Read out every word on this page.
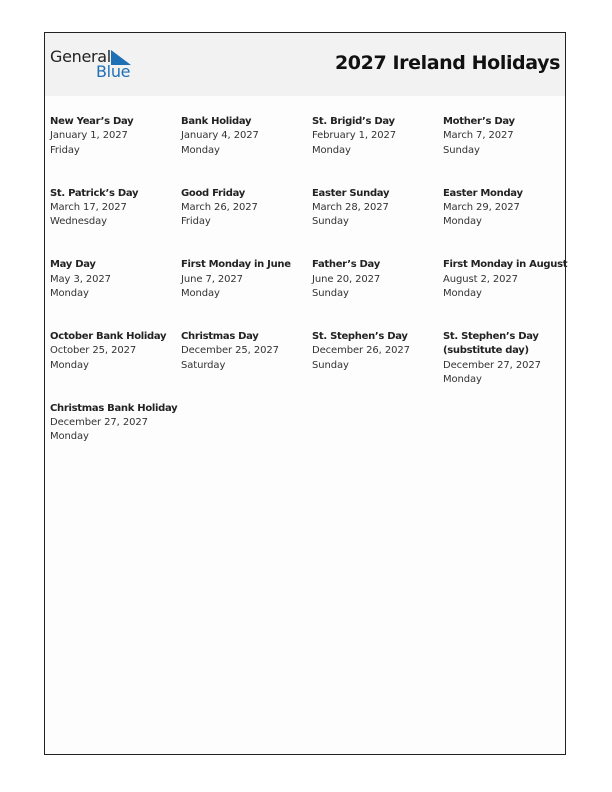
General
Blue	2027 Ireland Holidays
New Year’s Day
January 1, 2027
Friday
Bank Holiday
January 4, 2027
Monday
St. Brigid’s Day
February 1, 2027
Monday
Mother’s Day
March 7, 2027
Sunday
St. Patrick’s Day
March 17, 2027
Wednesday
Good Friday
March 26, 2027
Friday
Easter Sunday
March 28, 2027
Sunday
Easter Monday
March 29, 2027
Monday
May Day
May 3, 2027
Monday
First Monday in June
June 7, 2027
Monday
Father’s Day
June 20, 2027
Sunday
First Monday in August
August 2, 2027
Monday
October Bank Holiday
October 25, 2027
Monday
Christmas Day
December 25, 2027
Saturday
St. Stephen’s Day
December 26, 2027
Sunday
St. Stephen’s Day (substitute day)
December 27, 2027
Monday
Christmas Bank Holiday
December 27, 2027
Monday
